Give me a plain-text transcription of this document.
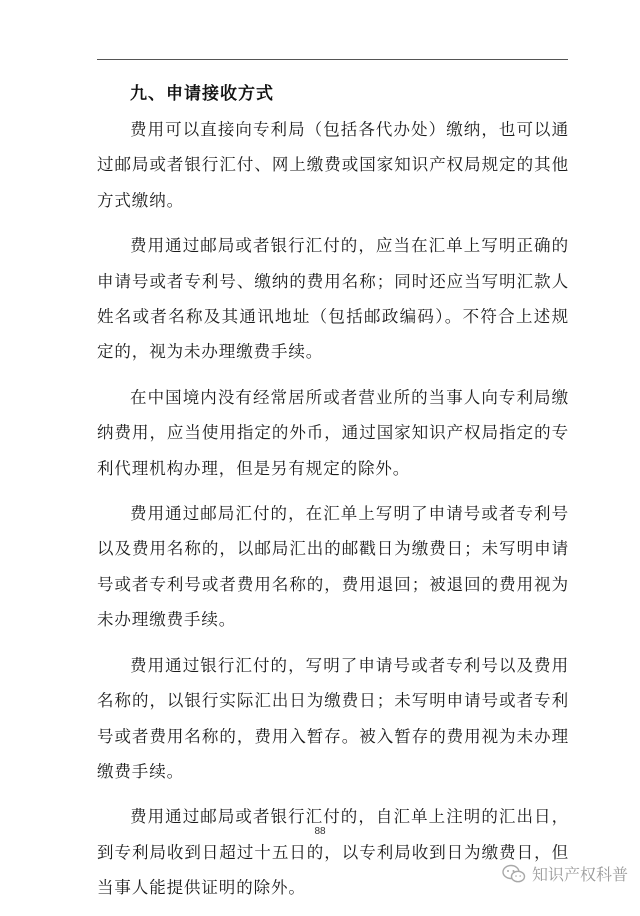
九、申请接收方式

费用可以直接向专利局（包括各代办处）缴纳，也可以通过邮局或者银行汇付、网上缴费或国家知识产权局规定的其他方式缴纳。

费用通过邮局或者银行汇付的，应当在汇单上写明正确的申请号或者专利号、缴纳的费用名称；同时还应当写明汇款人姓名或者名称及其通讯地址（包括邮政编码）。不符合上述规定的，视为未办理缴费手续。

在中国境内没有经常居所或者营业所的当事人向专利局缴纳费用，应当使用指定的外币，通过国家知识产权局指定的专利代理机构办理，但是另有规定的除外。

费用通过邮局汇付的，在汇单上写明了申请号或者专利号以及费用名称的，以邮局汇出的邮戳日为缴费日；未写明申请号或者专利号或者费用名称的，费用退回；被退回的费用视为未办理缴费手续。

费用通过银行汇付的，写明了申请号或者专利号以及费用名称的，以银行实际汇出日为缴费日；未写明申请号或者专利号或者费用名称的，费用入暂存。被入暂存的费用视为未办理缴费手续。

费用通过邮局或者银行汇付的，自汇单上注明的汇出日，到专利局收到日超过十五日的，以专利局收到日为缴费日，但当事人能提供证明的除外。

88
知识产权科普
